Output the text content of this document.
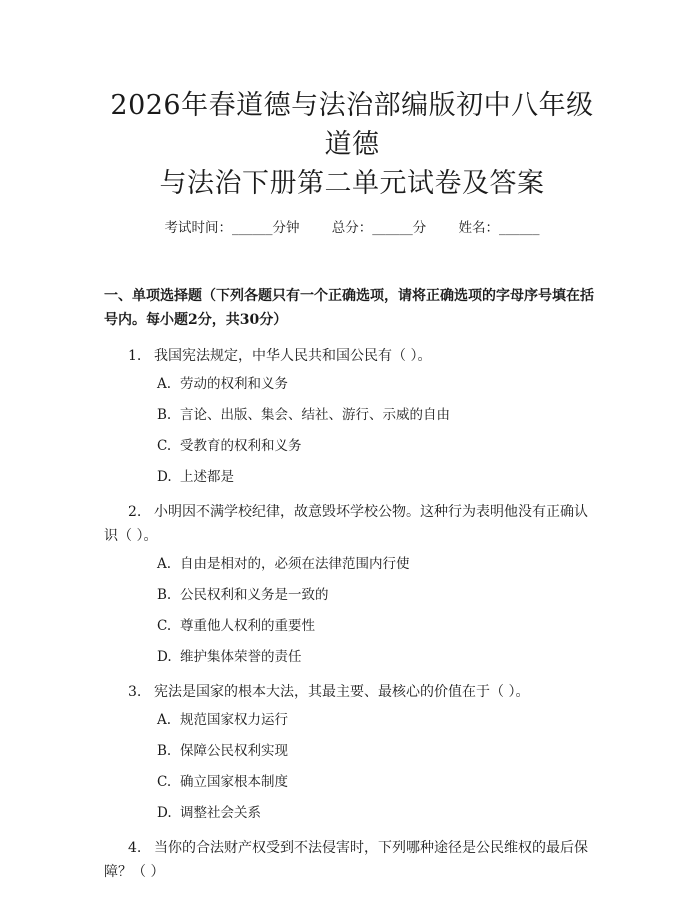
2026年春道德与法治部编版初中八年级道德
与法治下册第二单元试卷及答案
考试时间：______分钟 总分：______分 姓名：______
一、单项选择题（下列各题只有一个正确选项，请将正确选项的字母序号填在括号内。每小题2分，共30分）
1. 我国宪法规定，中华人民共和国公民有（ ）。
A. 劳动的权利和义务
B. 言论、出版、集会、结社、游行、示威的自由
C. 受教育的权利和义务
D. 上述都是
2. 小明因不满学校纪律，故意毁坏学校公物。这种行为表明他没有正确认识（ ）。
A. 自由是相对的，必须在法律范围内行使
B. 公民权利和义务是一致的
C. 尊重他人权利的重要性
D. 维护集体荣誉的责任
3. 宪法是国家的根本大法，其最主要、最核心的价值在于（ ）。
A. 规范国家权力运行
B. 保障公民权利实现
C. 确立国家根本制度
D. 调整社会关系
4. 当你的合法财产权受到不法侵害时，下列哪种途径是公民维权的最后保障？（ ）
